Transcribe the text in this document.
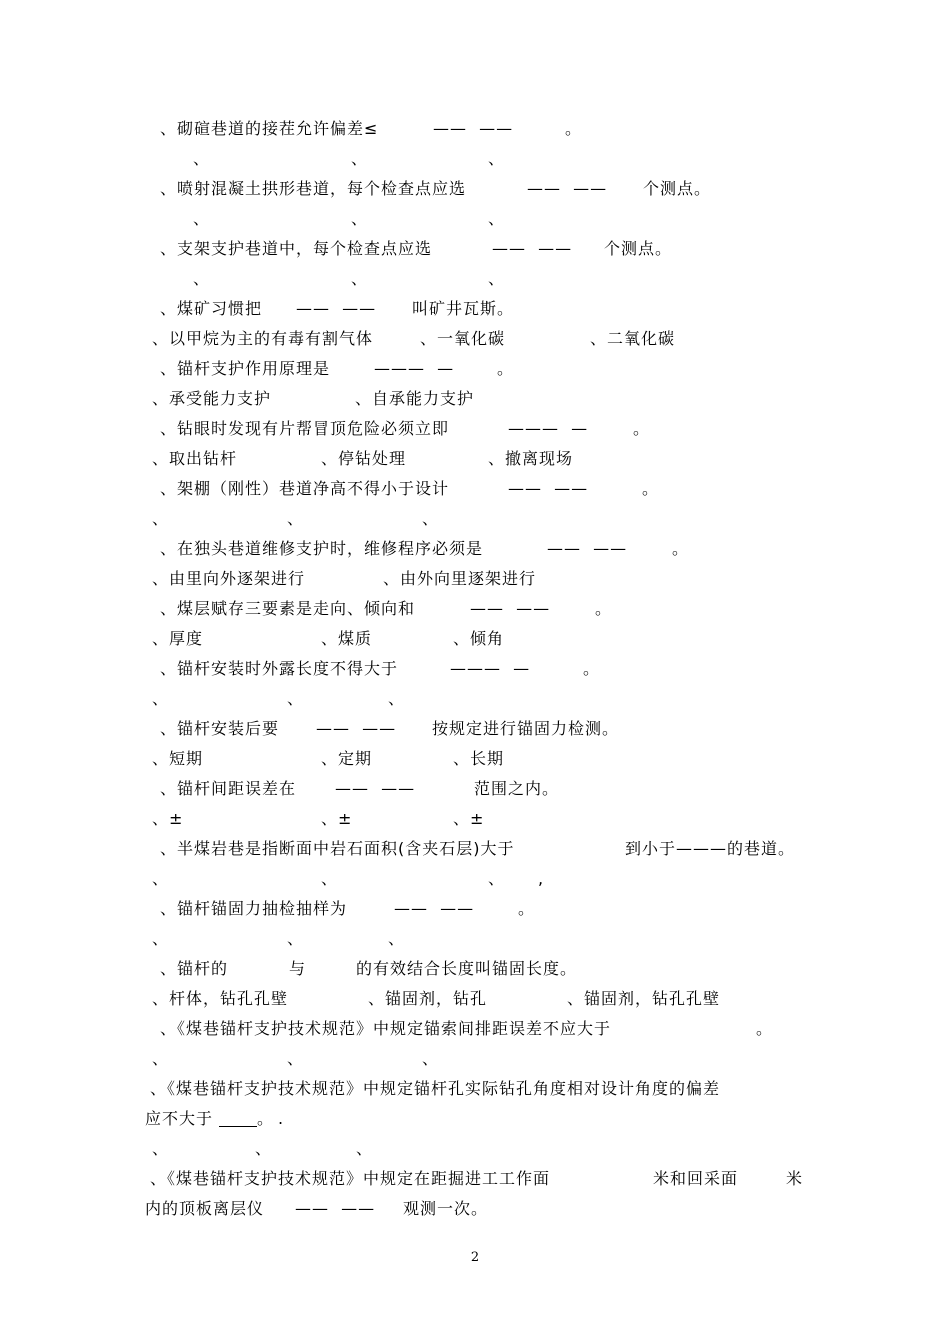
、砌碹巷道的接茬允许偏差≤	——  ——	。
、	、	、
、喷射混凝土拱形巷道，每个检查点应选	——  —— 个测点。
、	、	、
、支架支护巷道中，每个检查点应选	——  —— 个测点。
、	、	、
、煤矿习惯把 ——  —— 叫矿井瓦斯。
、以甲烷为主的有毒有割气体	、一氧化碳	、二氧化碳
、锚杆支护作用原理是	———  —	。
、承受能力支护	、自承能力支护
、钻眼时发现有片帮冒顶危险必须立即	———  —	。
、取出钻杆	、停钻处理	、撤离现场
、架棚（刚性）巷道净高不得小于设计	——  ——	。
、	、	、
、在独头巷道维修支护时，维修程序必须是	——  ——	。
、由里向外逐架进行	、由外向里逐架进行
、煤层赋存三要素是走向、倾向和	——  ——	。
、厚度	、煤质	、倾角
、锚杆安装时外露长度不得大于	———  —	。
、	、	、
、锚杆安装后要 ——  —— 按规定进行锚固力检测。
、短期	、定期	、长期
、锚杆间距误差在 ——  ——	范围之内。
、±	、±	、±
、半煤岩巷是指断面中岩石面积(含夹石层)大于	到小于———的巷道。
、	、	、 ,
、锚杆锚固力抽检抽样为	——  ——	。
、	、	、
、锚杆的	与	的有效结合长度叫锚固长度。
、杆体，钻孔孔壁	、锚固剂，钻孔	、锚固剂，钻孔孔壁
、《煤巷锚杆支护技术规范》中规定锚索间排距误差不应大于	。
、	、	、
、《煤巷锚杆支护技术规范》中规定锚杆孔实际钻孔角度相对设计角度的偏差
应不大于	。 .
、	、	、
、《煤巷锚杆支护技术规范》中规定在距掘进工工作面	米和回采面	米
内的顶板离层仪 ——  —— 观测一次。
2
